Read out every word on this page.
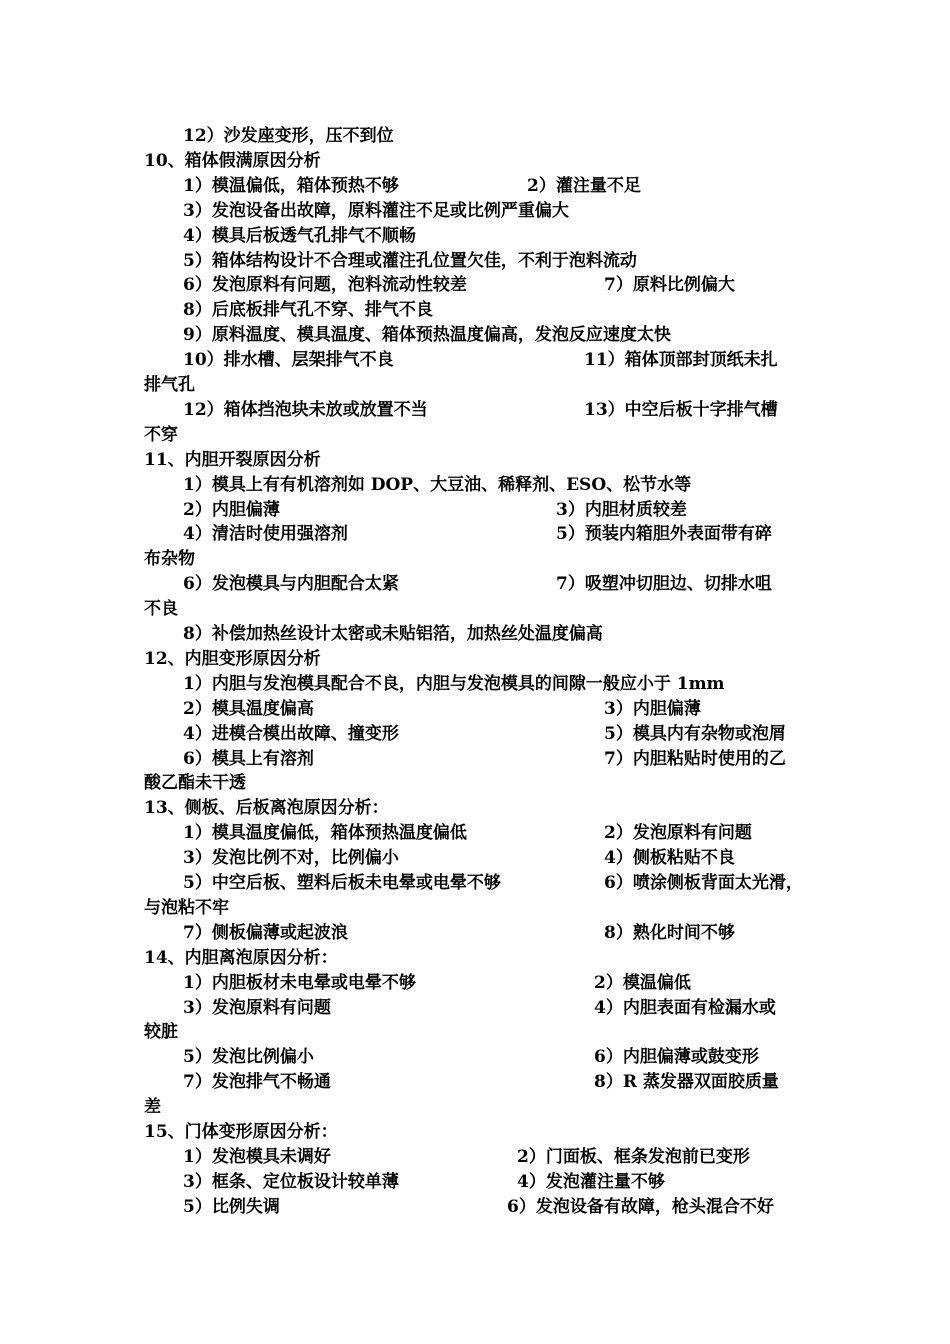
12）沙发座变形，压不到位
10、箱体假满原因分析
1）模温偏低，箱体预热不够	2）灌注量不足
3）发泡设备出故障，原料灌注不足或比例严重偏大
4）模具后板透气孔排气不顺畅
5）箱体结构设计不合理或灌注孔位置欠佳，不利于泡料流动
6）发泡原料有问题，泡料流动性较差	7）原料比例偏大
8）后底板排气孔不穿、排气不良
9）原料温度、模具温度、箱体预热温度偏高，发泡反应速度太快
10）排水槽、层架排气不良	11）箱体顶部封顶纸未扎
排气孔
12）箱体挡泡块未放或放置不当	13）中空后板十字排气槽
不穿
11、内胆开裂原因分析
1）模具上有有机溶剂如 DOP、大豆油、稀释剂、ESO、松节水等
2）内胆偏薄	3）内胆材质较差
4）清洁时使用强溶剂	5）预装内箱胆外表面带有碎
布杂物
6）发泡模具与内胆配合太紧	7）吸塑冲切胆边、切排水咀
不良
8）补偿加热丝设计太密或未贴铝箔，加热丝处温度偏高
12、内胆变形原因分析
1）内胆与发泡模具配合不良，内胆与发泡模具的间隙一般应小于 1mm
2）模具温度偏高	3）内胆偏薄
4）进模合模出故障、撞变形	5）模具内有杂物或泡屑
6）模具上有溶剂	7）内胆粘贴时使用的乙
酸乙酯未干透
13、侧板、后板离泡原因分析：
1）模具温度偏低，箱体预热温度偏低	2）发泡原料有问题
3）发泡比例不对，比例偏小	4）侧板粘贴不良
5）中空后板、塑料后板未电晕或电晕不够	6）喷涂侧板背面太光滑，
与泡粘不牢
7）侧板偏薄或起波浪	8）熟化时间不够
14、内胆离泡原因分析：
1）内胆板材未电晕或电晕不够	2）模温偏低
3）发泡原料有问题	4）内胆表面有检漏水或
较脏
5）发泡比例偏小	6）内胆偏薄或鼓变形
7）发泡排气不畅通	8）R 蒸发器双面胶质量
差
15、门体变形原因分析：
1）发泡模具未调好	2）门面板、框条发泡前已变形
3）框条、定位板设计较单薄	4）发泡灌注量不够
5）比例失调	6）发泡设备有故障，枪头混合不好
